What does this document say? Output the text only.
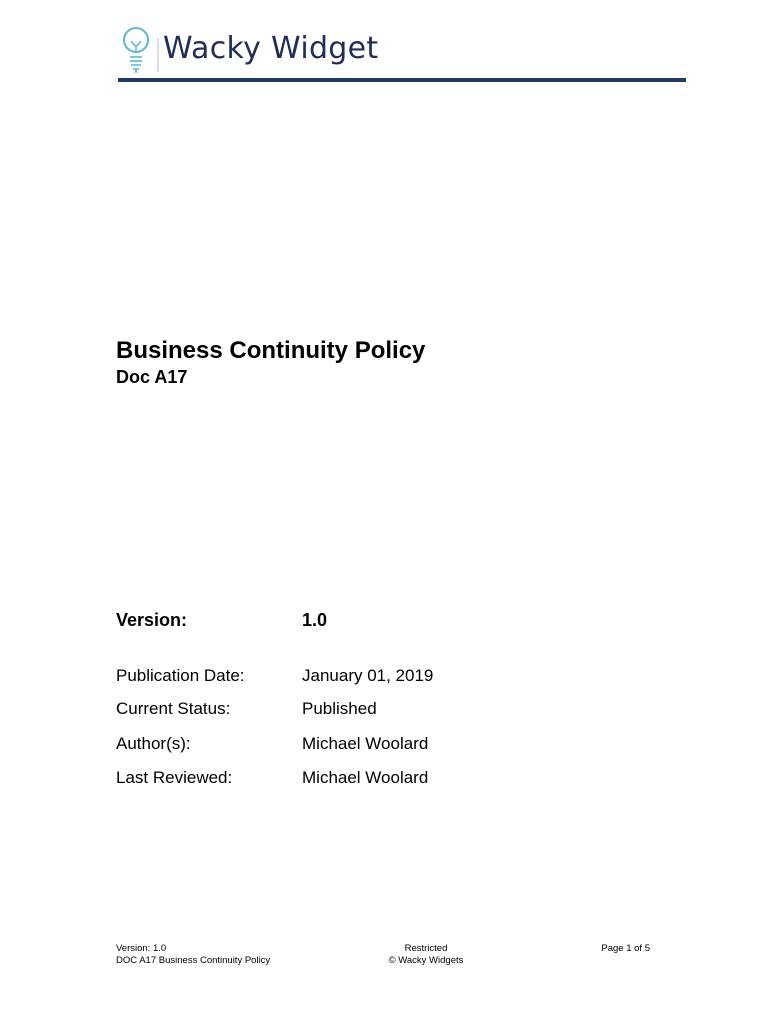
Wacky Widget
Business Continuity Policy
Doc A17
Version:	1.0
Publication Date:	January 01, 2019
Current Status:	Published
Author(s):	Michael Woolard
Last Reviewed:	Michael Woolard
Version: 1.0
DOC A17 Business Continuity Policy
Restricted
© Wacky Widgets
Page 1 of 5
